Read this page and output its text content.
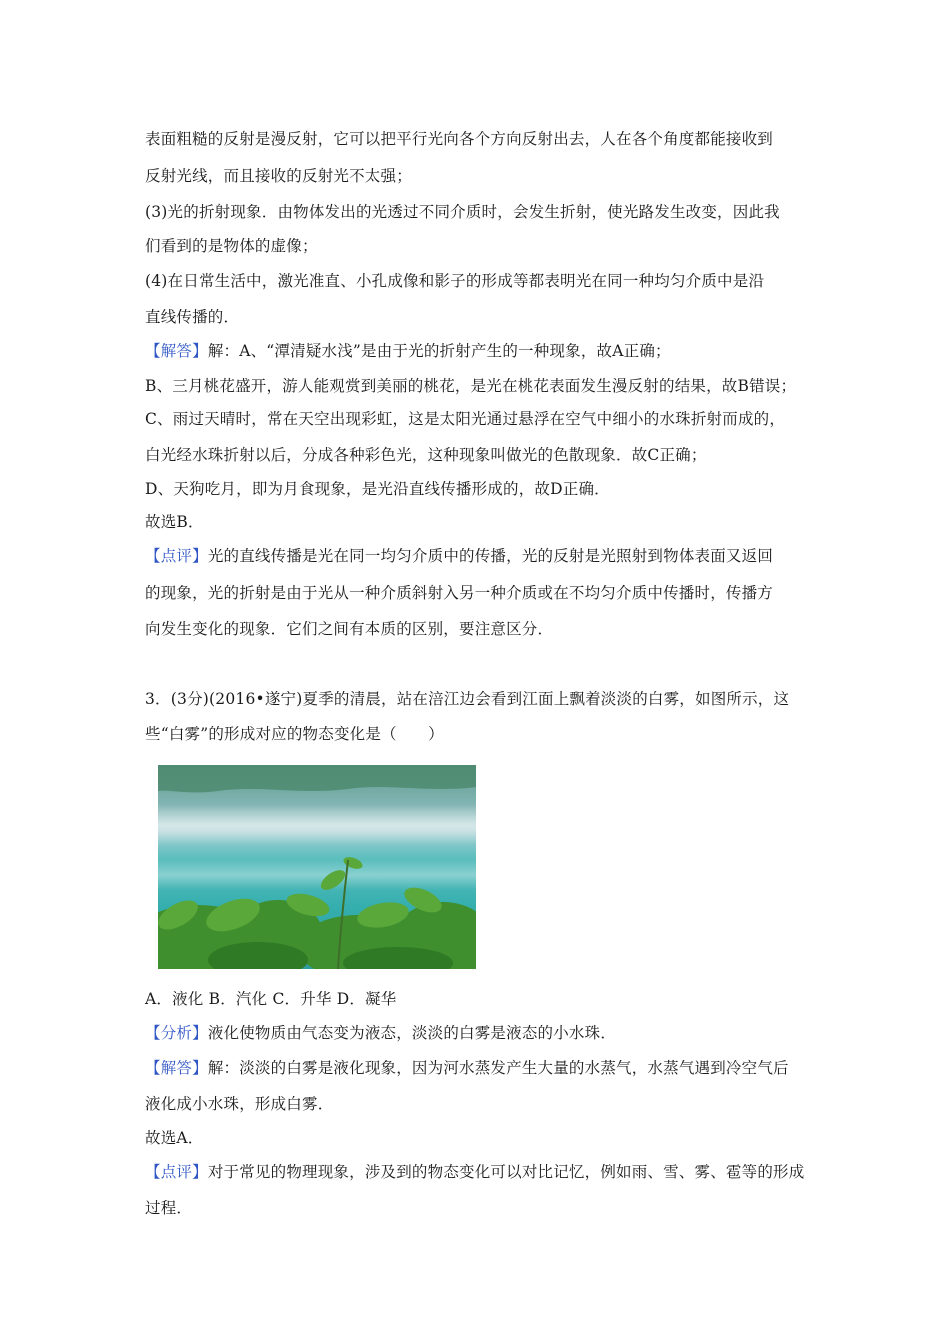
表面粗糙的反射是漫反射，它可以把平行光向各个方向反射出去，人在各个角度都能接收到
反射光线，而且接收的反射光不太强；
(3)光的折射现象．由物体发出的光透过不同介质时，会发生折射，使光路发生改变，因此我
们看到的是物体的虚像；
(4)在日常生活中，激光准直、小孔成像和影子的形成等都表明光在同一种均匀介质中是沿
直线传播的．
【解答】解：A、“潭清疑水浅”是由于光的折射产生的一种现象，故A正确；
B、三月桃花盛开，游人能观赏到美丽的桃花，是光在桃花表面发生漫反射的结果，故B错误；
C、雨过天晴时，常在天空出现彩虹，这是太阳光通过悬浮在空气中细小的水珠折射而成的，
白光经水珠折射以后，分成各种彩色光，这种现象叫做光的色散现象．故C正确；
D、天狗吃月，即为月食现象，是光沿直线传播形成的，故D正确．
故选B．
【点评】光的直线传播是光在同一均匀介质中的传播，光的反射是光照射到物体表面又返回
的现象，光的折射是由于光从一种介质斜射入另一种介质或在不均匀介质中传播时，传播方
向发生变化的现象．它们之间有本质的区别，要注意区分．
3．(3分)(2016•遂宁)夏季的清晨，站在涪江边会看到江面上飘着淡淡的白雾，如图所示，这
些“白雾”的形成对应的物态变化是（　　）
A．液化 B．汽化 C．升华 D．凝华
【分析】液化使物质由气态变为液态，淡淡的白雾是液态的小水珠．
【解答】解：淡淡的白雾是液化现象，因为河水蒸发产生大量的水蒸气，水蒸气遇到冷空气后
液化成小水珠，形成白雾．
故选A．
【点评】对于常见的物理现象，涉及到的物态变化可以对比记忆，例如雨、雪、雾、雹等的形成
过程．
